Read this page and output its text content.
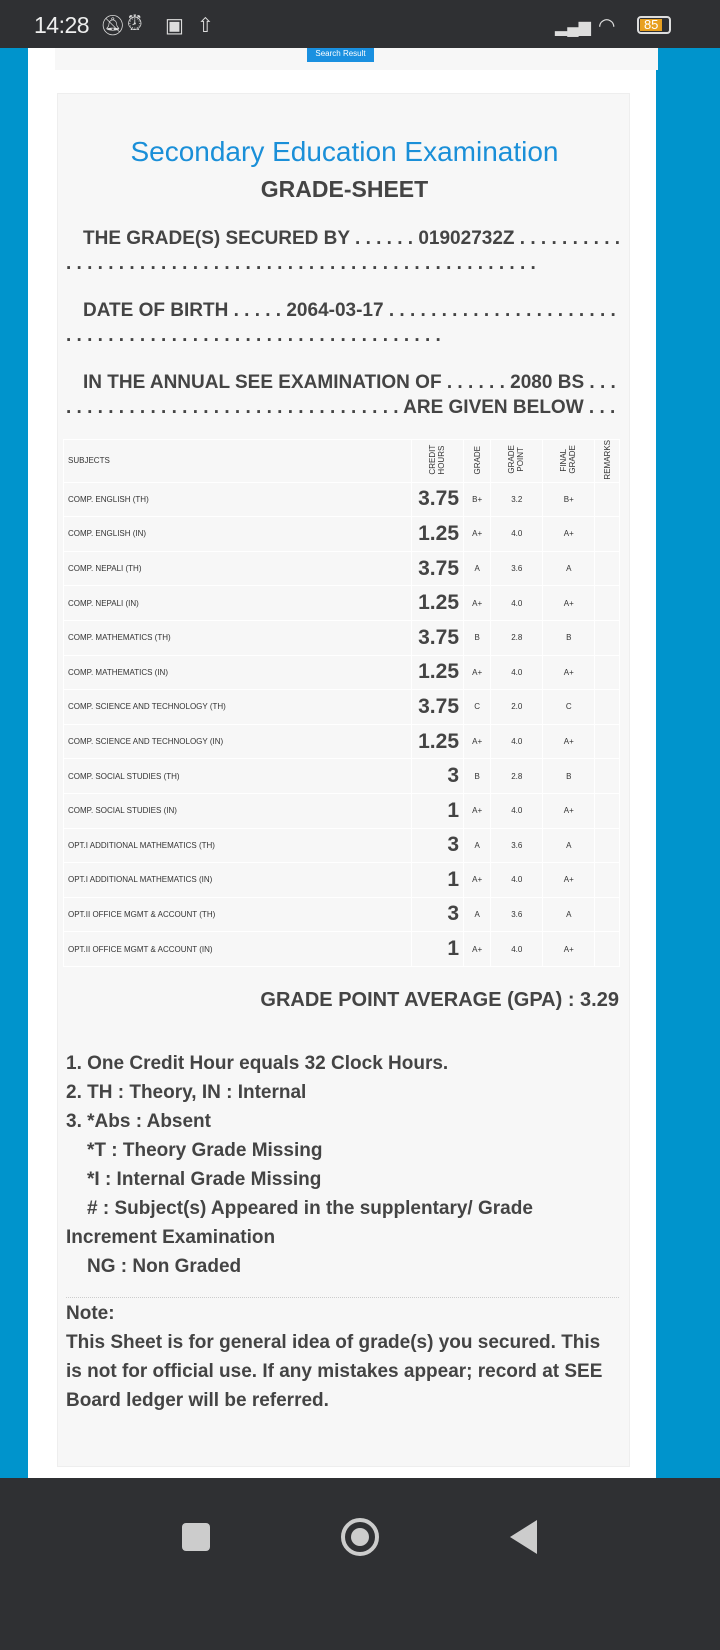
14:28 🔕︎ ⏰︎ ▣ ⇧	▂▄▆ ◠	85
Search Result
Secondary Education Examination
GRADE-SHEET
THE GRADE(S) SECURED BY . . . . . . 01902732Z . . . . . . . . . . . . . . . . . . . . . . . . . . . . . . . . . . . . . . . . . . . . . . . . . . . . . . .
DATE OF BIRTH . . . . . 2064-03-17 . . . . . . . . . . . . . . . . . . . . . . . . . . . . . . . . . . . . . . . . . . . . . . . . . . . . . . . . . .
IN THE ANNUAL SEE EXAMINATION OF . . . . . . 2080 BS . . . . . . . . . . . . . . . . . . . . . . . . . . . . . . . . . . . ARE GIVEN BELOW . . .
SUBJECTS	CREDIT HOURS	GRADE	GRADE POINT	FINAL GRADE	REMARKS
COMP. ENGLISH (TH)	3.75	B+	3.2	B+	
COMP. ENGLISH (IN)	1.25	A+	4.0	A+	
COMP. NEPALI (TH)	3.75	A	3.6	A	
COMP. NEPALI (IN)	1.25	A+	4.0	A+	
COMP. MATHEMATICS (TH)	3.75	B	2.8	B	
COMP. MATHEMATICS (IN)	1.25	A+	4.0	A+	
COMP. SCIENCE AND TECHNOLOGY (TH)	3.75	C	2.0	C	
COMP. SCIENCE AND TECHNOLOGY (IN)	1.25	A+	4.0	A+	
COMP. SOCIAL STUDIES (TH)	3	B	2.8	B	
COMP. SOCIAL STUDIES (IN)	1	A+	4.0	A+	
OPT.I ADDITIONAL MATHEMATICS (TH)	3	A	3.6	A	
OPT.I ADDITIONAL MATHEMATICS (IN)	1	A+	4.0	A+	
OPT.II OFFICE MGMT & ACCOUNT (TH)	3	A	3.6	A	
OPT.II OFFICE MGMT & ACCOUNT (IN)	1	A+	4.0	A+	
GRADE POINT AVERAGE (GPA) : 3.29
1. One Credit Hour equals 32 Clock Hours.
2. TH : Theory, IN : Internal
3. *Abs : Absent
*T : Theory Grade Missing
*I : Internal Grade Missing
# : Subject(s) Appeared in the supplentary/ Grade Increment Examination
NG : Non Graded
Note:
This Sheet is for general idea of grade(s) you secured. This is not for official use. If any mistakes appear; record at SEE Board ledger will be referred.
